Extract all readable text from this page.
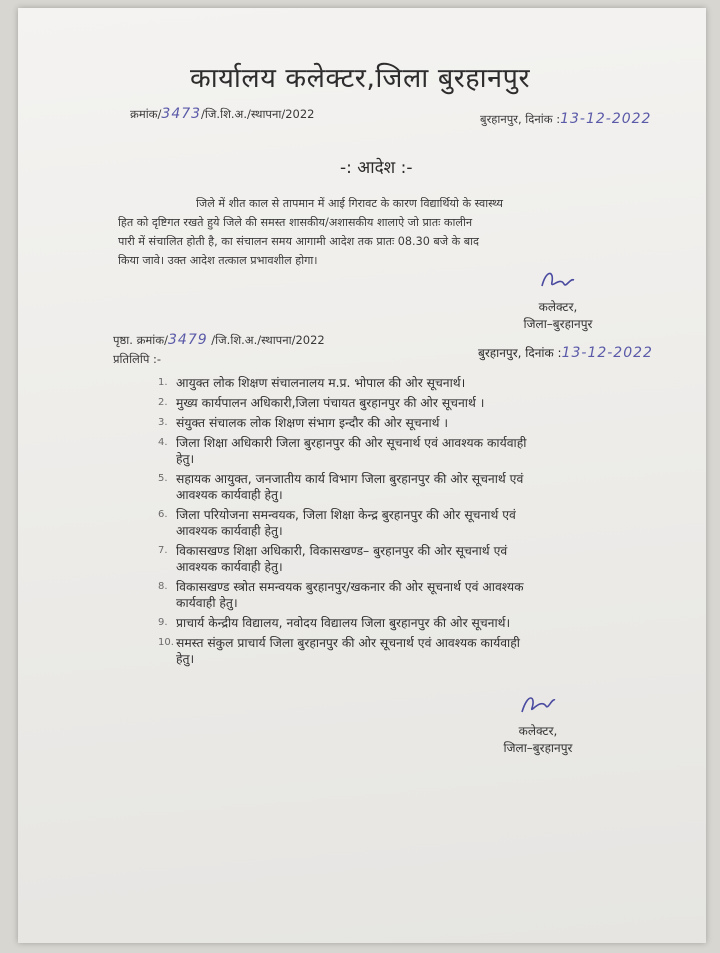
कार्यालय कलेक्टर,जिला बुरहानपुर
क्रमांक/3473/जि.शि.अ./स्थापना/2022	बुरहानपुर, दिनांक :13-12-2022
-: आदेश :-
जिले में शीत काल से तापमान में आई गिरावट के कारण विद्यार्थियो के स्वास्थ्य
हित को दृष्टिगत रखते हुये जिले की समस्त शासकीय/अशासकीय शालाऐ जो प्रातः कालीन
पारी में संचालित होती है, का संचालन समय आगामी आदेश तक प्रातः 08.30 बजे के बाद
किया जावे। उक्त आदेश तत्काल प्रभावशील होगा।
कलेक्टर,
जिला–बुरहानपुर
बुरहानपुर, दिनांक :13-12-2022
पृष्ठा. क्रमांक/3479 /जि.शि.अ./स्थापना/2022
प्रतिलिपि :-
1. आयुक्त लोक शिक्षण संचालनालय म.प्र. भोपाल की ओर सूचनार्थ।
2. मुख्य कार्यपालन अधिकारी,जिला पंचायत बुरहानपुर की ओर सूचनार्थ ।
3. संयुक्त संचालक लोक शिक्षण संभाग इन्दौर की ओर सूचनार्थ ।
4. जिला शिक्षा अधिकारी जिला बुरहानपुर की ओर सूचनार्थ एवं आवश्यक कार्यवाही
हेतु।
5. सहायक आयुक्त, जनजातीय कार्य विभाग जिला बुरहानपुर की ओर सूचनार्थ एवं
आवश्यक कार्यवाही हेतु।
6. जिला परियोजना समन्वयक, जिला शिक्षा केन्द्र बुरहानपुर की ओर सूचनार्थ एवं
आवश्यक कार्यवाही हेतु।
7. विकासखण्ड शिक्षा अधिकारी, विकासखण्ड– बुरहानपुर की ओर सूचनार्थ एवं
आवश्यक कार्यवाही हेतु।
8. विकासखण्ड स्त्रोत समन्वयक बुरहानपुर/खकनार की ओर सूचनार्थ एवं आवश्यक
कार्यवाही हेतु।
9. प्राचार्य केन्द्रीय विद्यालय, नवोदय विद्यालय जिला बुरहानपुर की ओर सूचनार्थ।
10. समस्त संकुल प्राचार्य जिला बुरहानपुर की ओर सूचनार्थ एवं आवश्यक कार्यवाही
हेतु।
कलेक्टर,
जिला–बुरहानपुर
